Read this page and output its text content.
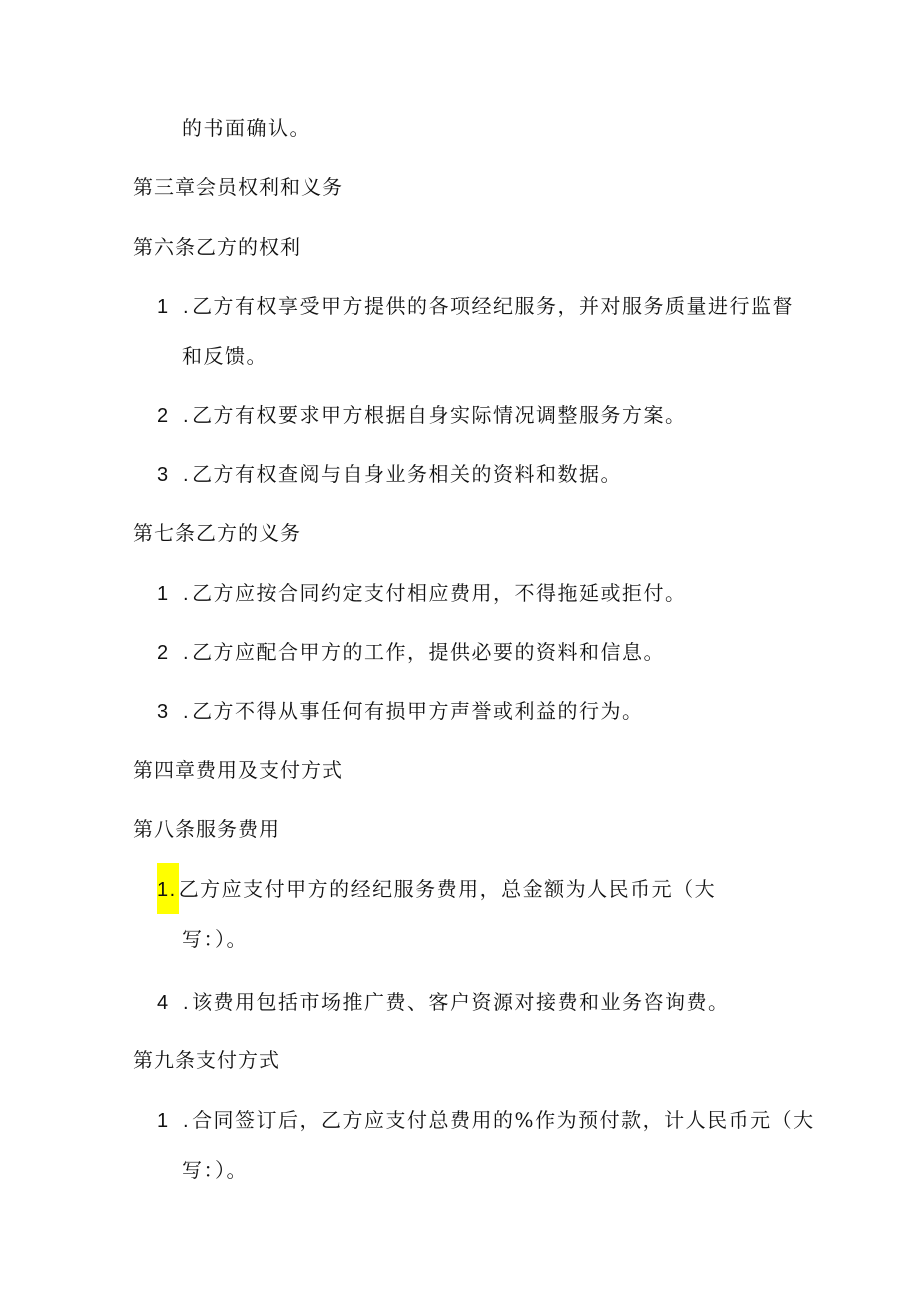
的书面确认。
第三章会员权利和义务
第六条乙方的权利
1 . 乙方有权享受甲方提供的各项经纪服务，并对服务质量进行监督
和反馈。
2 . 乙方有权要求甲方根据自身实际情况调整服务方案。
3 . 乙方有权查阅与自身业务相关的资料和数据。
第七条乙方的义务
1 . 乙方应按合同约定支付相应费用，不得拖延或拒付。
2 . 乙方应配合甲方的工作，提供必要的资料和信息。
3 . 乙方不得从事任何有损甲方声誉或利益的行为。
第四章费用及支付方式
第八条服务费用
1. 乙方应支付甲方的经纪服务费用，总金额为人民币元（大
写：）。
4 . 该费用包括市场推广费、客户资源对接费和业务咨询费。
第九条支付方式
1 . 合同签订后，乙方应支付总费用的%作为预付款，计人民币元（大
写：）。
